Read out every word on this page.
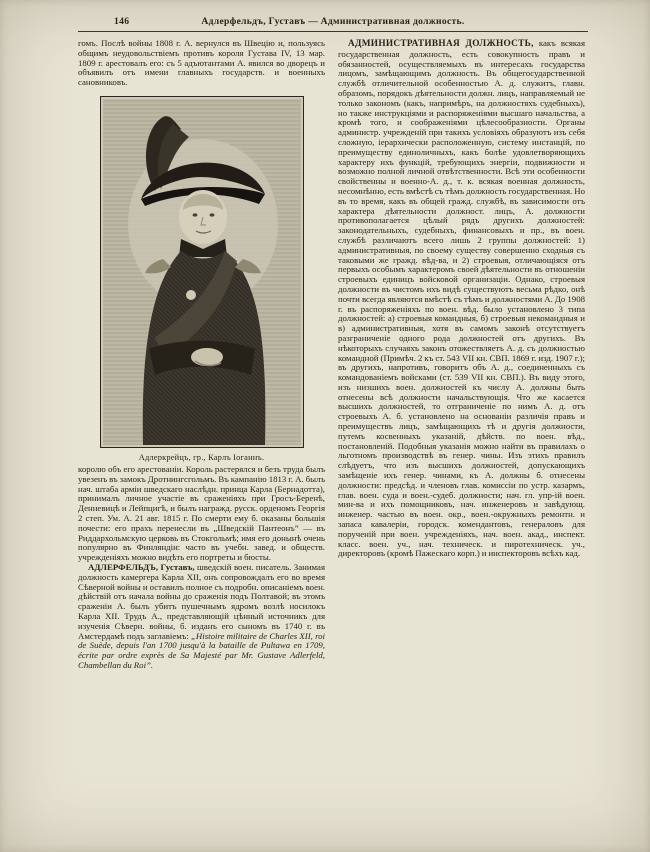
146	Адлерфельдъ, Густавъ — Административная должность.

гомъ. Послѣ войны 1808 г. А. вернулся въ Швецію и, пользуясь общимъ неудовольствіемъ противъ короля Густава IV, 13 мар. 1809 г. арестовалъ его: съ 5 адъютантами А. явился во дворецъ и объявилъ отъ имени главныхъ государств. и военныхъ сановниковъ.

Адлеркрейцъ, гр., Карлъ Іоганнъ.

королю объ его арестованіи. Король растерялся и безъ труда былъ увезенъ въ замокъ Дротнингсгольмъ. Въ кампанію 1813 г. А. былъ нач. штаба арміи шведскаго наслѣдн. принца Карла (Бернадотта), принималъ личное участіе въ сраженіяхъ при Гросъ-Беренѣ, Денневицѣ и Лейпцигѣ, и былъ награжд. русск. орденомъ Георгія 2 степ. Ум. А. 21 авг. 1815 г. По смерти ему б. оказаны большія почести: его прахъ перенесли въ „Шведскій Пантеонъ” — въ Риддархольмскую церковь въ Стокгольмѣ; имя его донынѣ очень популярно въ Финляндіи: часто въ учебн. завед. и обществ. учрежденіяхъ можно видѣть его портреты и бюсты.

АДЛЕРФЕЛЬДЪ, Густавъ, шведскій воен. писатель. Занимая должность камергера Карла XII, онъ сопровождалъ его во время Сѣверной войны и оставилъ полное съ подробн. описаніемъ воен. дѣйствій отъ начала войны до сраженія подъ Полтавой; въ этомъ сраженіи А. былъ убитъ пушечнымъ ядромъ возлѣ носилокъ Карла XII. Трудъ А., представляющій цѣнный источникъ для изученія Сѣверн. войны, б. изданъ его сыномъ въ 1740 г. въ Амстердамѣ подъ заглавіемъ: „Histoire militaire de Charles XII, roi de Suède, depuis l'an 1700 jusqu'à la bataille de Pultawa en 1709, écrite par ordre exprès de Sa Majesté par Mr. Gustave Adlerfeld, Chambellan du Roi”.

АДМИНИСТРАТИВНАЯ ДОЛЖНОСТЬ, какъ всякая государственная должность, есть совокупность правъ и обязанностей, осуществляемыхъ въ интересахъ государства лицомъ, замѣщающимъ должность. Въ общегосударственной службѣ отличительной особенностью А. д. служитъ, главн. образомъ, порядокъ дѣятельности должн. лицъ, направляемый не только закономъ (какъ, напримѣръ, на должностяхъ судебныхъ), но также инструкціями и распоряженіями высшаго начальства, а кромѣ того, и соображеніями цѣлесообразности. Органы администр. учрежденій при такихъ условіяхъ образуютъ изъ себя сложную, іерархически расположенную, систему инстанцій, по преимуществу единоличныхъ, какъ болѣе удовлетворяющихъ характеру ихъ функцій, требующихъ энергіи, подвижности и возможно полной личной отвѣтственности. Всѣ эти особенности свойственны и военно-А. д., т. к. всякая военная должность, несомнѣнно, есть вмѣстѣ съ тѣмъ должность государственная. Но въ то время, какъ въ общей гражд. службѣ, въ зависимости отъ характера дѣятельности должност. лицъ, А. должности противополагается цѣлый рядъ другихъ должностей: законодательныхъ, судебныхъ, финансовыхъ и пр., въ воен. службѣ различаютъ всего лишь 2 группы должностей: 1) административныя, по своему существу совершенно сходныя съ таковыми же гражд. вѣд-ва, и 2) строевыя, отличающіяся отъ первыхъ особымъ характеромъ своей дѣятельности въ отношеніи строевыхъ единицъ войсковой организаціи. Однако, строевыя должности въ чистомъ ихъ видѣ существуютъ весьма рѣдко, онѣ почти всегда являются вмѣстѣ съ тѣмъ и должностями А. До 1908 г. въ распоряженіяхъ по воен. вѣд. было установлено 3 типа должностей: а) строевыя командныя, б) строевыя некомандныя и в) административныя, хотя въ самомъ законѣ отсутствуетъ разграниченіе одного рода должностей отъ другихъ. Въ нѣкоторыхъ случаяхъ законъ отожествляетъ А. д. съ должностью командной (Примѣч. 2 къ ст. 543 VII кн. СВП. 1869 г. изд. 1907 г.); въ другихъ, напротивъ, говоритъ объ А. д., соединенныхъ съ командованіемъ войсками (ст. 539 VII кн. СВП.). Въ виду этого, изъ низшихъ воен. должностей къ числу А. должны быть отнесены всѣ должности начальствующія. Что же касается высшихъ должностей, то отграниченіе по нимъ А. д. отъ строевыхъ А. б. установлено на основаніи различія правъ и преимуществъ лицъ, замѣщающихъ тѣ и другія должности, путемъ косвенныхъ указаній, дѣйств. по воен. вѣд., постановленій. Подобныя указанія можно найти въ правилахъ о льготномъ производствѣ въ генер. чины. Изъ этихъ правилъ слѣдуетъ, что изъ высшихъ должностей, допускающихъ замѣщеніе ихъ генер. чинами, къ А. должны б. отнесены должности: предсѣд. и членовъ глав. комиссіи по устр. казармъ, глав. воен. суда и воен.-судеб. должности; нач. гл. упр-ій воен. мин-ва и ихъ помощниковъ, нач. инженеровъ и завѣдующ. инженер. частью въ воен. окр., воен.-окружныхъ ремонтн. и запаса кавалеріи, городск. комендантовъ, генераловъ для порученій при воен. учрежденіяхъ, нач. воен. акад., инспект. класс. воен. уч., нач. техническ. и пиротехническ. уч., директоровъ (кромѣ Пажескаго корп.) и инспекторовъ всѣхъ кад.
